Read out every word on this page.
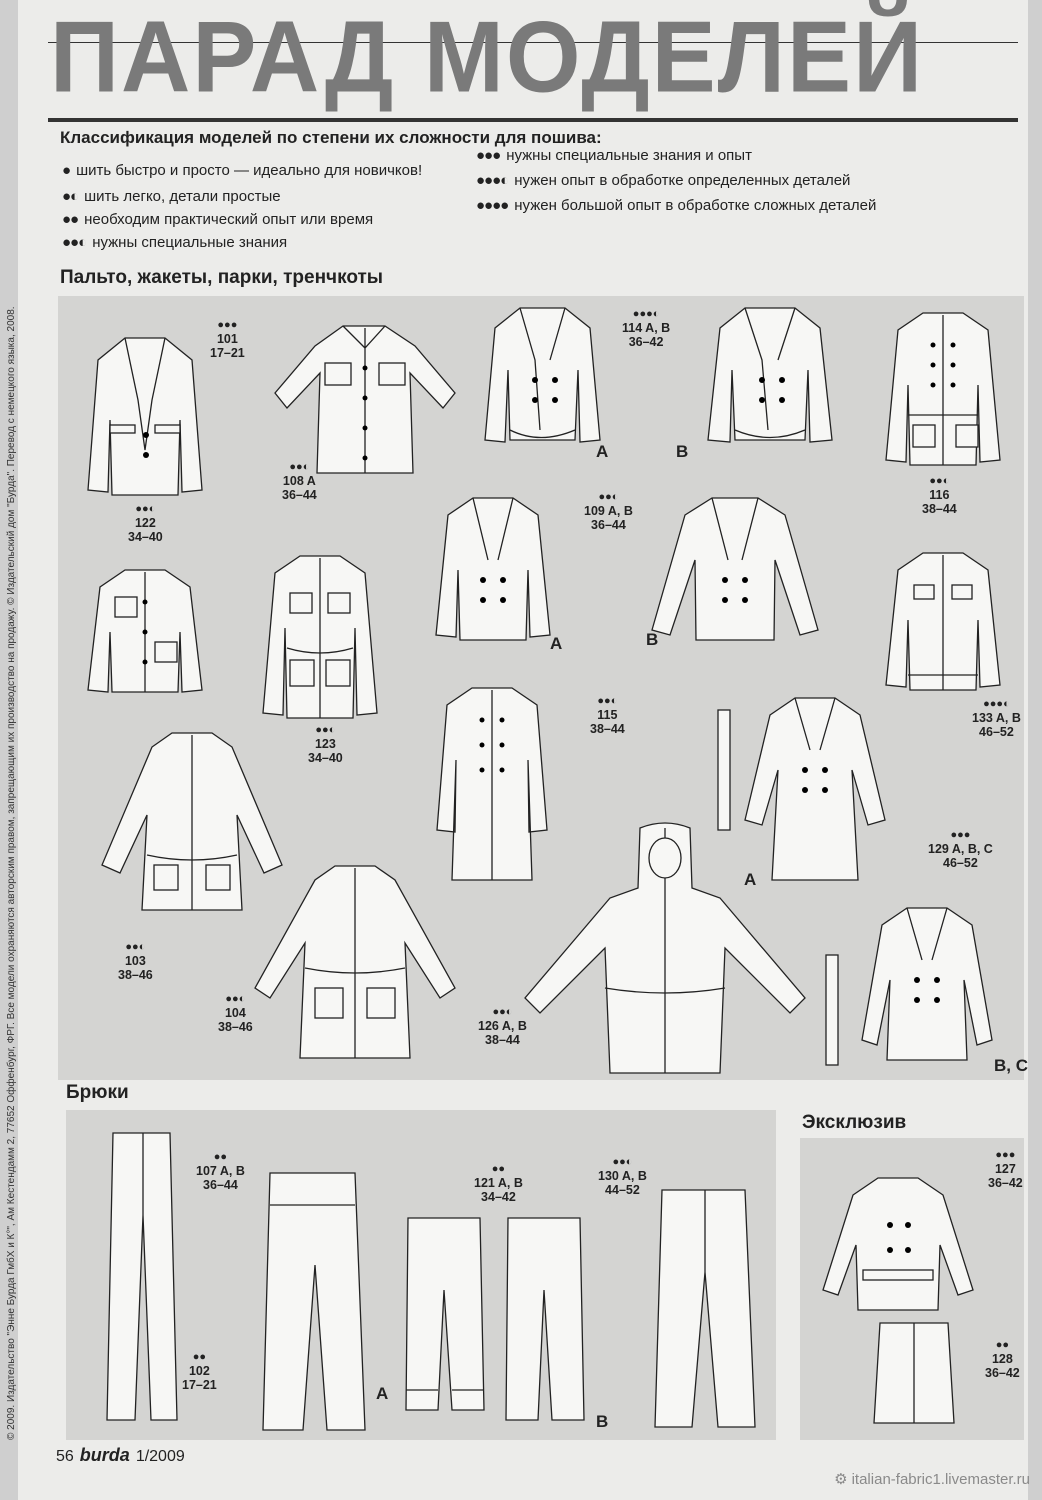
ПАРАД МОДЕЛЕЙ
Классификация моделей по степени их сложности для пошива:
● шить быстро и просто — идеально для новичков!
●◐ шить легко, детали простые
●● необходим практический опыт или время
●●◐ нужны специальные знания
●●● нужны специальные знания и опыт
●●●◐ нужен опыт в обработке определенных деталей
●●●● нужен большой опыт в обработке сложных деталей
Пальто, жакеты, парки, тренчкоты
Брюки
Эксклюзив
© 2009. Издательство "Энне Бурда ГмбХ и К°", Ам Кестендамм 2, 77652 Оффенбург, ФРГ. Все модели охраняются авторским правом, запрещающим их производство на продажу. © Издательский дом "Бурда". Перевод с немецкого языка, 2008.	●●●
101
17–21
●●◐
108 A
36–44
●●●◐
114 A, B
36–42
●●◐
116
38–44
●●◐
122
34–40
●●◐
109 A, B
36–44
●●◐
123
34–40
●●◐
115
38–44
●●●◐
133 A, B
46–52
●●●
129 A, B, C
46–52
●●◐
103
38–46
●●◐
104
38–46
●●◐
126 A, B
38–44
●●
107 A, B
36–44
●●
121 A, B
34–42
●●◐
130 A, B
44–52
●●
102
17–21
●●●
127
36–42
●●
128
36–42
A	B
A	B
A
B, C
A
B
56 burda 1/2009
⚙ italian-fabric1.livemaster.ru
